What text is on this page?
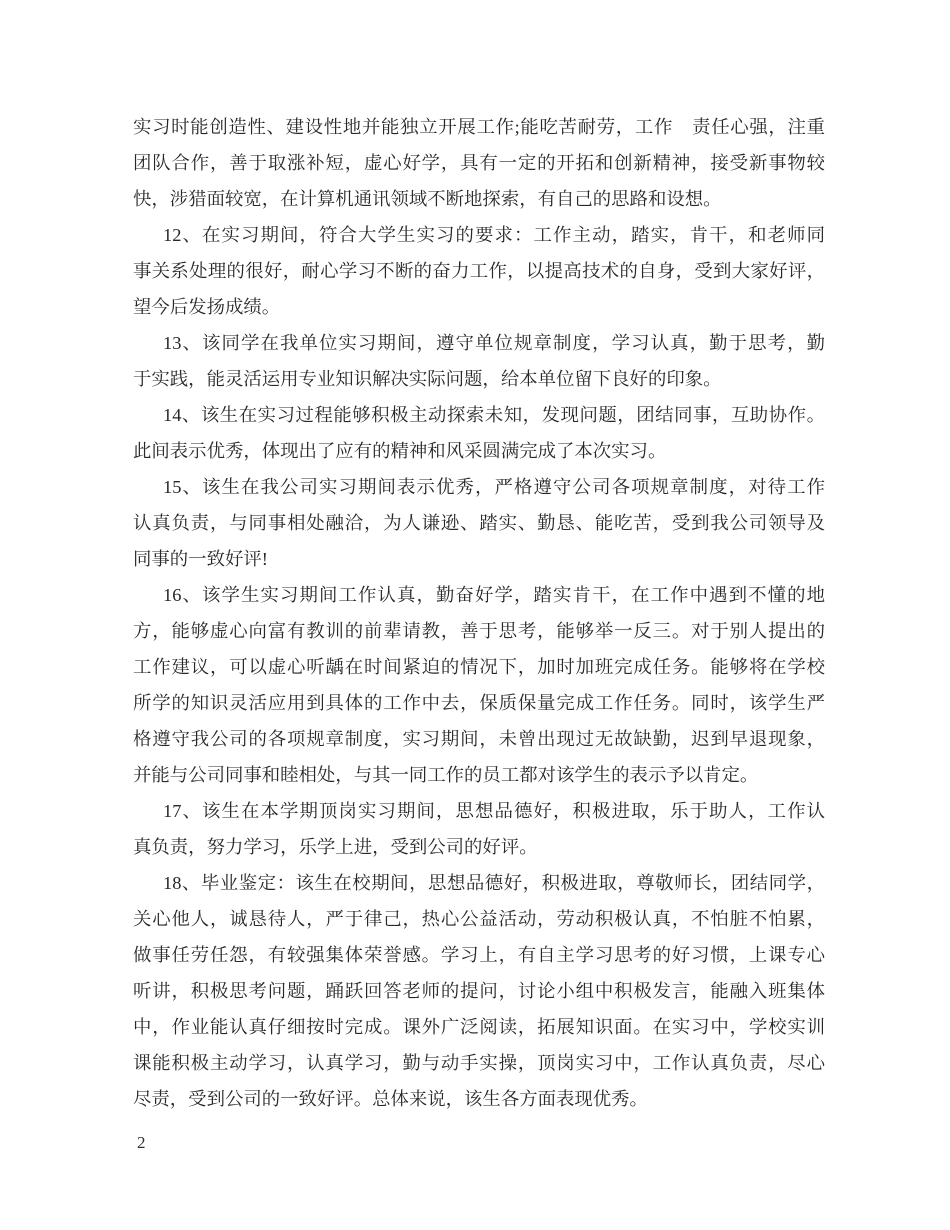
实习时能创造性、建设性地并能独立开展工作;能吃苦耐劳，工作　责任心强，注重
团队合作，善于取涨补短，虚心好学，具有一定的开拓和创新精神，接受新事物较
快，涉猎面较宽，在计算机通讯领域不断地探索，有自己的思路和设想。
12、在实习期间，符合大学生实习的要求：工作主动，踏实，肯干，和老师同
事关系处理的很好，耐心学习不断的奋力工作，以提高技术的自身，受到大家好评，
望今后发扬成绩。
13、该同学在我单位实习期间，遵守单位规章制度，学习认真，勤于思考，勤
于实践，能灵活运用专业知识解决实际问题，给本单位留下良好的印象。
14、该生在实习过程能够积极主动探索未知，发现问题，团结同事，互助协作。
此间表示优秀，体现出了应有的精神和风采圆满完成了本次实习。
15、该生在我公司实习期间表示优秀，严格遵守公司各项规章制度，对待工作
认真负责，与同事相处融洽，为人谦逊、踏实、勤恳、能吃苦，受到我公司领导及
同事的一致好评!
16、该学生实习期间工作认真，勤奋好学，踏实肯干，在工作中遇到不懂的地
方，能够虚心向富有教训的前辈请教，善于思考，能够举一反三。对于别人提出的
工作建议，可以虚心听龋在时间紧迫的情况下，加时加班完成任务。能够将在学校
所学的知识灵活应用到具体的工作中去，保质保量完成工作任务。同时，该学生严
格遵守我公司的各项规章制度，实习期间，未曾出现过无故缺勤，迟到早退现象，
并能与公司同事和睦相处，与其一同工作的员工都对该学生的表示予以肯定。
17、该生在本学期顶岗实习期间，思想品德好，积极进取，乐于助人，工作认
真负责，努力学习，乐学上进，受到公司的好评。
18、毕业鉴定：该生在校期间，思想品德好，积极进取，尊敬师长，团结同学，
关心他人，诚恳待人，严于律己，热心公益活动，劳动积极认真，不怕脏不怕累，
做事任劳任怨，有较强集体荣誉感。学习上，有自主学习思考的好习惯，上课专心
听讲，积极思考问题，踊跃回答老师的提问，讨论小组中积极发言，能融入班集体
中，作业能认真仔细按时完成。课外广泛阅读，拓展知识面。在实习中，学校实训
课能积极主动学习，认真学习，勤与动手实操，顶岗实习中，工作认真负责，尽心
尽责，受到公司的一致好评。总体来说，该生各方面表现优秀。
2
